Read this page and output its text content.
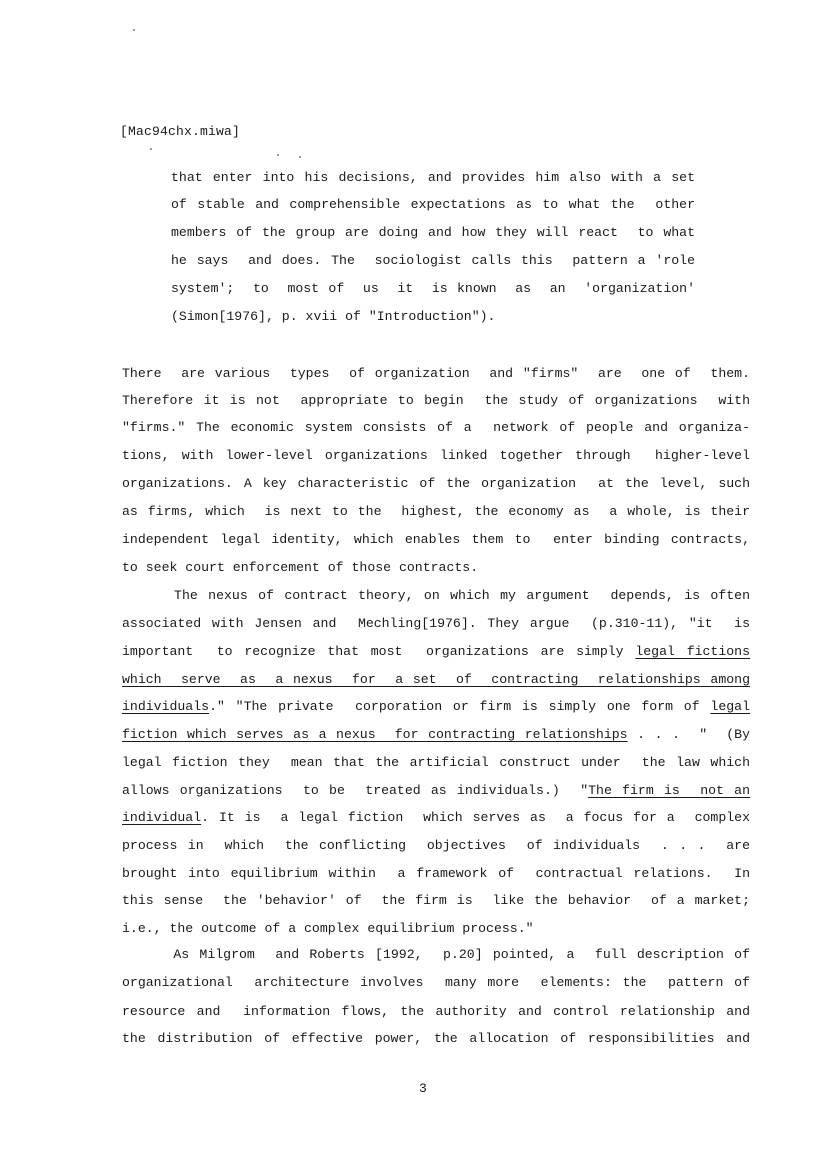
[Mac94chx.miwa]
that enter into his decisions, and provides him also with a set
of stable and comprehensible expectations as to what the  other
members of the group are doing and how they will react  to what
he says  and does. The  sociologist calls this  pattern a 'role
system';  to  most of  us  it  is known  as  an  'organization'
(Simon[1976], p. xvii of "Introduction").
There  are various  types  of organization  and "firms"  are  one of  them.
Therefore it is not  appropriate to begin  the study of organizations  with
"firms." The economic system consists of a  network of people and organiza-
tions, with lower-level organizations linked together through  higher-level
organizations. A key characteristic of the organization  at the level, such
as firms, which  is next to the  highest, the economy as  a whole, is their
independent legal identity, which enables them to  enter binding contracts,
to seek court enforcement of those contracts.
The nexus of contract theory, on which my argument  depends, is often
associated with Jensen and  Mechling[1976]. They argue  (p.310-11), "it  is
important  to recognize that most  organizations are simply legal fictions
which  serve  as  a nexus  for  a set  of  contracting  relationships among
individuals." "The private  corporation or firm is simply one form of legal
fiction which serves as a nexus  for contracting relationships . . .  "  (By
legal fiction they  mean that the artificial construct under  the law which
allows organizations  to be  treated as individuals.)  "The firm is  not an
individual. It is  a legal fiction  which serves as  a focus for a  complex
process in  which  the conflicting  objectives  of individuals  . . .  are
brought into equilibrium within  a framework of  contractual relations.  In
this sense  the 'behavior' of  the firm is  like the behavior  of a market;
i.e., the outcome of a complex equilibrium process."
As Milgrom  and Roberts [1992,  p.20] pointed, a  full description of
organizational  architecture involves  many more  elements: the  pattern of
resource and  information flows, the authority and control relationship and
the distribution of effective power, the allocation of responsibilities and
3
